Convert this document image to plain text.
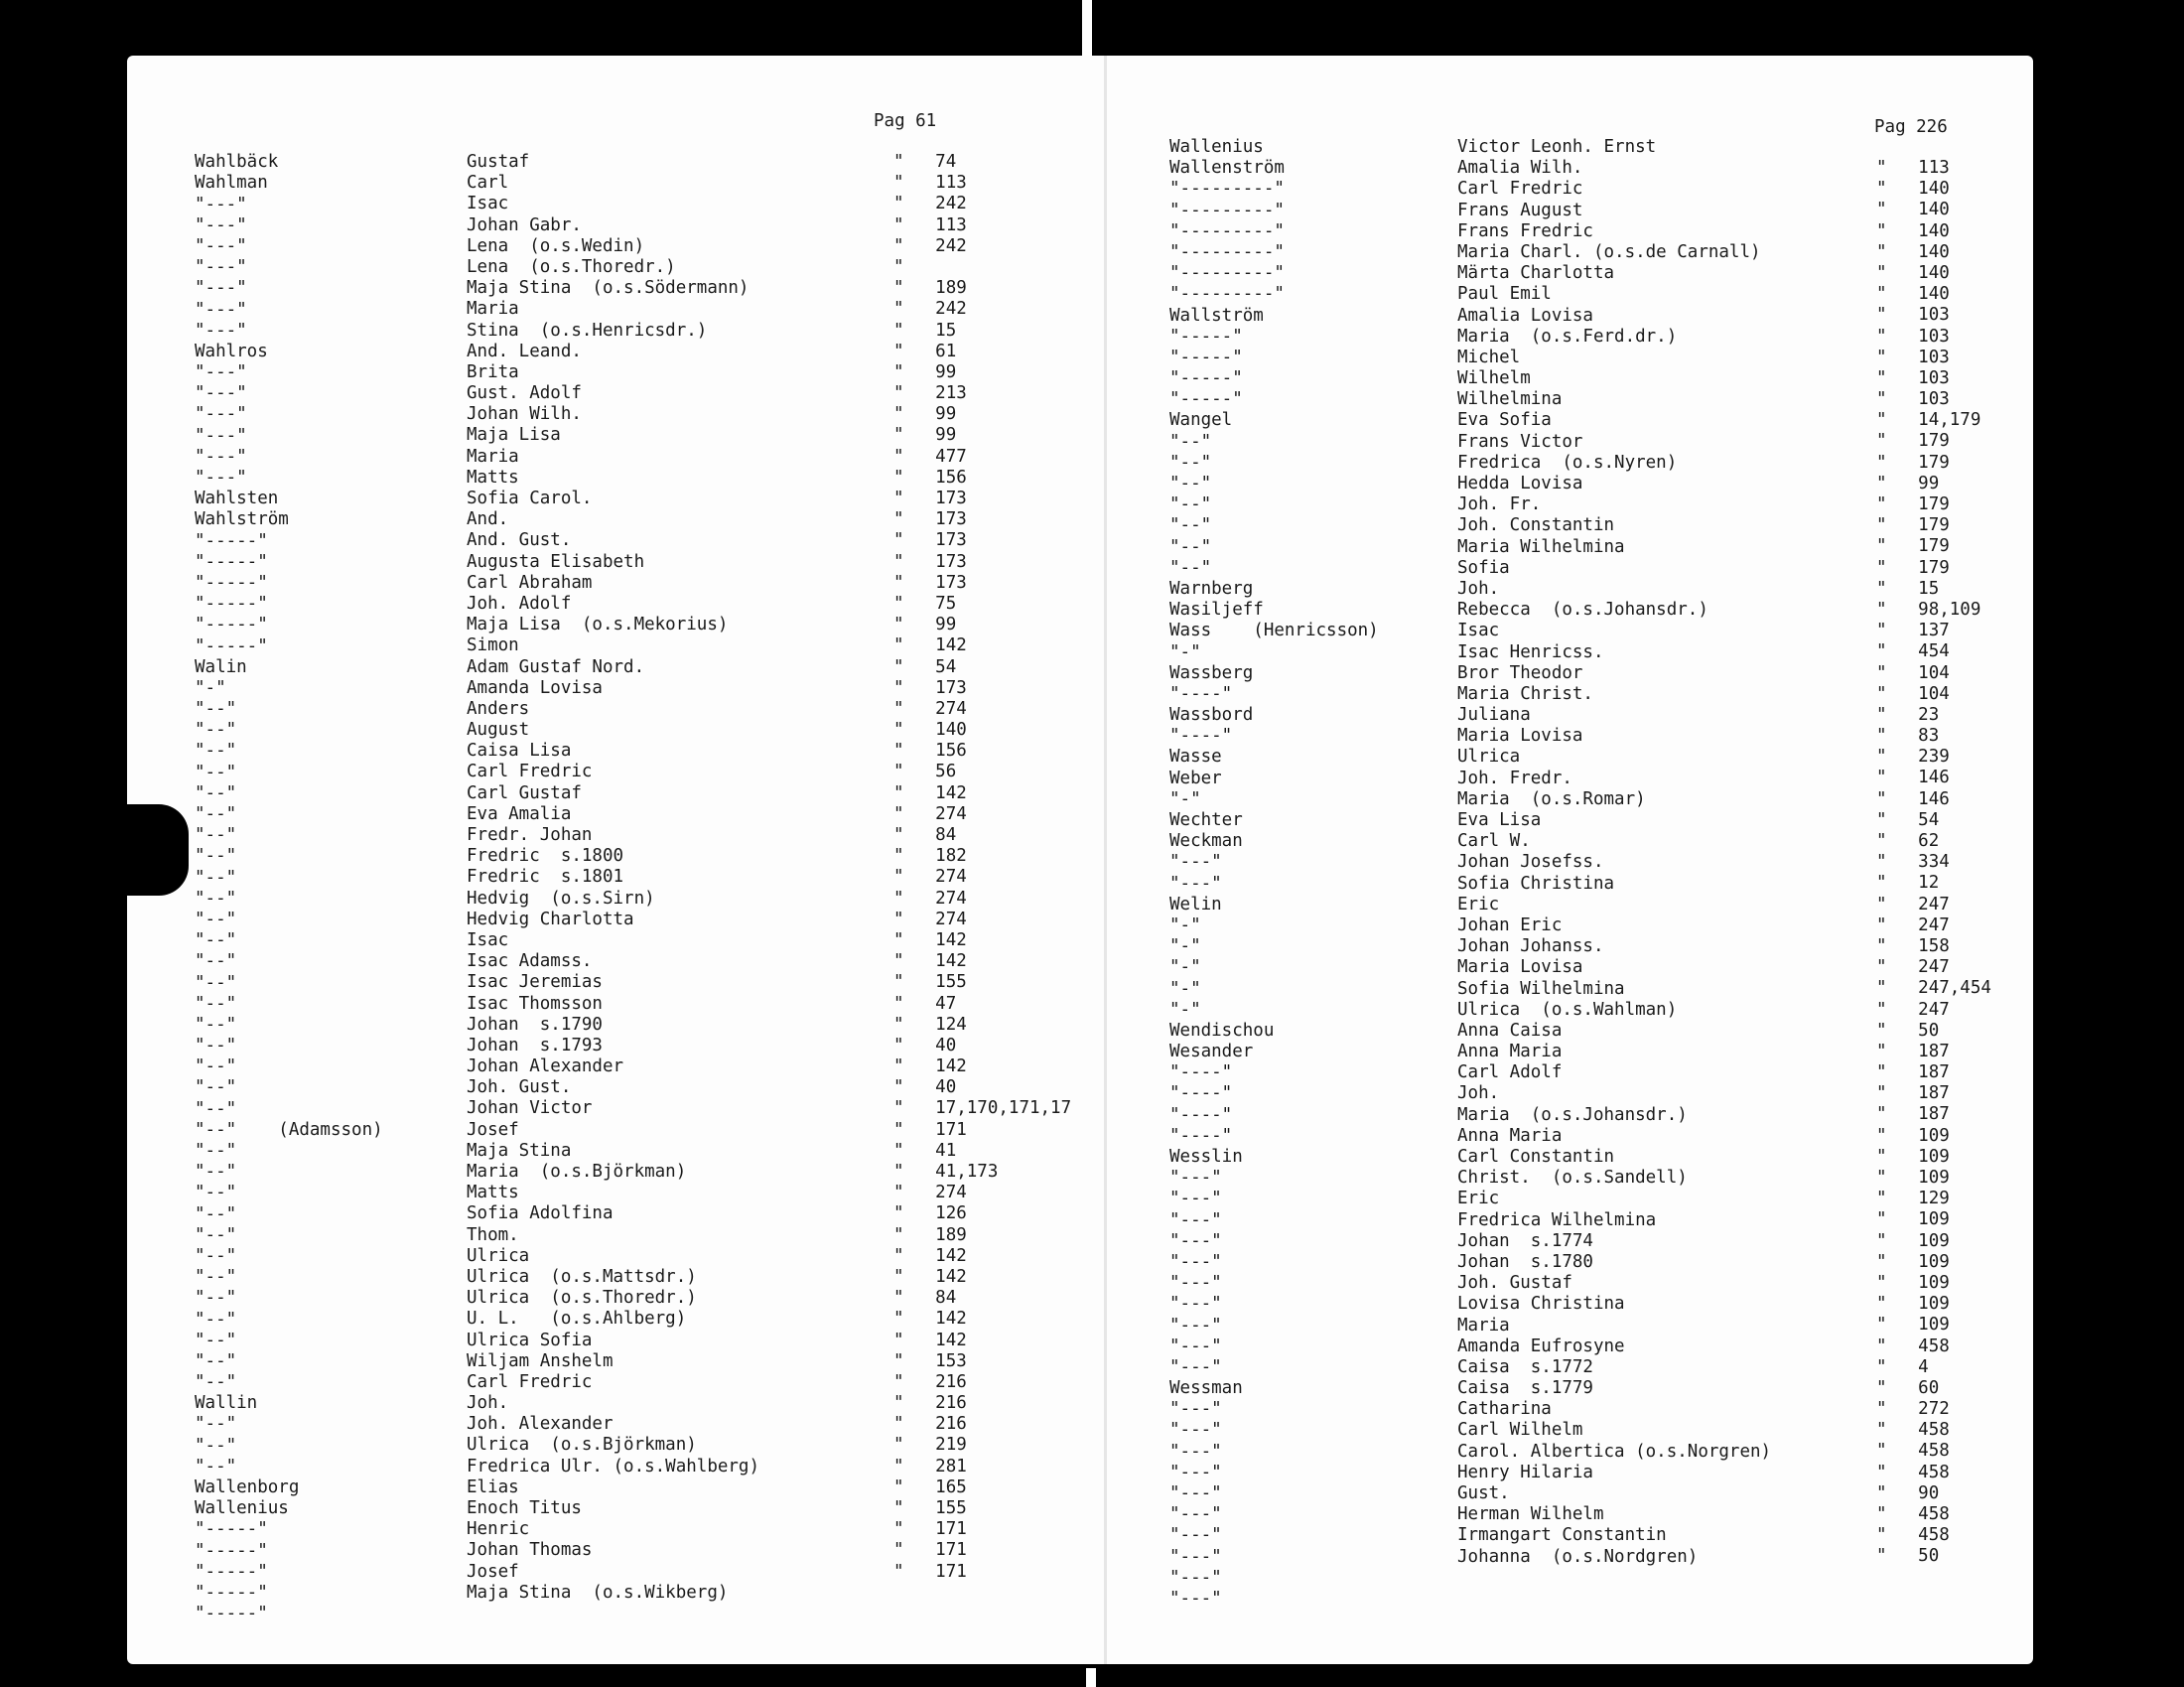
Pag 61	Pag 226
Wahlbäck
Wahlman
"---"
"---"
"---"
"---"
"---"
"---"
"---"
Wahlros
"---"
"---"
"---"
"---"
"---"
"---"
Wahlsten
Wahlström
"-----"
"-----"
"-----"
"-----"
"-----"
"-----"
Walin
"-"
"--"
"--"
"--"
"--"
"--"
"--"
"--"
"--"
"--"
"--"
"--"
"--"
"--"
"--"
"--"
"--"
"--"
"--"
"--"
"--"
"--"    (Adamsson)
"--"
"--"
"--"
"--"
"--"
"--"
"--"
"--"
"--"
"--"
"--"
"--"
Wallin
"--"
"--"
"--"
Wallenborg
Wallenius
"-----"
"-----"
"-----"
"-----"
"-----"
Gustaf
Carl
Isac
Johan Gabr.
Lena  (o.s.Wedin)
Lena  (o.s.Thoredr.)
Maja Stina  (o.s.Södermann)
Maria
Stina  (o.s.Henricsdr.)
And. Leand.
Brita
Gust. Adolf
Johan Wilh.
Maja Lisa
Maria
Matts
Sofia Carol.
And.
And. Gust.
Augusta Elisabeth
Carl Abraham
Joh. Adolf
Maja Lisa  (o.s.Mekorius)
Simon
Adam Gustaf Nord.
Amanda Lovisa
Anders
August
Caisa Lisa
Carl Fredric
Carl Gustaf
Eva Amalia
Fredr. Johan
Fredric  s.1800
Fredric  s.1801
Hedvig  (o.s.Sirn)
Hedvig Charlotta
Isac
Isac Adamss.
Isac Jeremias
Isac Thomsson
Johan  s.1790
Johan  s.1793
Johan Alexander
Joh. Gust.
Johan Victor
Josef
Maja Stina
Maria  (o.s.Björkman)
Matts
Sofia Adolfina
Thom.
Ulrica
Ulrica  (o.s.Mattsdr.)
Ulrica  (o.s.Thoredr.)
U. L.   (o.s.Ahlberg)
Ulrica Sofia
Wiljam Anshelm
Carl Fredric
Joh.
Joh. Alexander
Ulrica  (o.s.Björkman)
Fredrica Ulr. (o.s.Wahlberg)
Elias
Enoch Titus
Henric
Johan Thomas
Josef
Maja Stina  (o.s.Wikberg)
" 74
" 113
" 242
" 113
" 242
"
" 189
" 242
" 15
" 61
" 99
" 213
" 99
" 99
" 477
" 156
" 173
" 173
" 173
" 173
" 173
" 75
" 99
" 142
" 54
" 173
" 274
" 140
" 156
" 56
" 142
" 274
" 84
" 182
" 274
" 274
" 274
" 142
" 142
" 155
" 47
" 124
" 40
" 142
" 40
" 17,170,171,17
" 171
" 41
" 41,173
" 274
" 126
" 189
" 142
" 142
" 84
" 142
" 142
" 153
" 216
" 216
" 216
" 219
" 281
" 165
" 155
" 171
" 171
" 171
Wallenius
Wallenström
"---------"
"---------"
"---------"
"---------"
"---------"
"---------"
Wallström
"-----"
"-----"
"-----"
"-----"
Wangel
"--"
"--"
"--"
"--"
"--"
"--"
"--"
Warnberg
Wasiljeff
Wass    (Henricsson)
"-"
Wassberg
"----"
Wassbord
"----"
Wasse
Weber
"-"
Wechter
Weckman
"---"
"---"
Welin
"-"
"-"
"-"
"-"
"-"
Wendischou
Wesander
"----"
"----"
"----"
"----"
Wesslin
"---"
"---"
"---"
"---"
"---"
"---"
"---"
"---"
"---"
"---"
Wessman
"---"
"---"
"---"
"---"
"---"
"---"
"---"
"---"
"---"
"---"
Victor Leonh. Ernst
Amalia Wilh.
Carl Fredric
Frans August
Frans Fredric
Maria Charl. (o.s.de Carnall)
Märta Charlotta
Paul Emil
Amalia Lovisa
Maria  (o.s.Ferd.dr.)
Michel
Wilhelm
Wilhelmina
Eva Sofia
Frans Victor
Fredrica  (o.s.Nyren)
Hedda Lovisa
Joh. Fr.
Joh. Constantin
Maria Wilhelmina
Sofia
Joh.
Rebecca  (o.s.Johansdr.)
Isac
Isac Henricss.
Bror Theodor
Maria Christ.
Juliana
Maria Lovisa
Ulrica
Joh. Fredr.
Maria  (o.s.Romar)
Eva Lisa
Carl W.
Johan Josefss.
Sofia Christina
Eric
Johan Eric
Johan Johanss.
Maria Lovisa
Sofia Wilhelmina
Ulrica  (o.s.Wahlman)
Anna Caisa
Anna Maria
Carl Adolf
Joh.
Maria  (o.s.Johansdr.)
Anna Maria
Carl Constantin
Christ.  (o.s.Sandell)
Eric
Fredrica Wilhelmina
Johan  s.1774
Johan  s.1780
Joh. Gustaf
Lovisa Christina
Maria
Amanda Eufrosyne
Caisa  s.1772
Caisa  s.1779
Catharina
Carl Wilhelm
Carol. Albertica (o.s.Norgren)
Henry Hilaria
Gust.
Herman Wilhelm
Irmangart Constantin
Johanna  (o.s.Nordgren)
" 113
" 140
" 140
" 140
" 140
" 140
" 140
" 103
" 103
" 103
" 103
" 103
" 14,179
" 179
" 179
" 99
" 179
" 179
" 179
" 179
" 15
" 98,109
" 137
" 454
" 104
" 104
" 23
" 83
" 239
" 146
" 146
" 54
" 62
" 334
" 12
" 247
" 247
" 158
" 247
" 247,454
" 247
" 50
" 187
" 187
" 187
" 187
" 109
" 109
" 109
" 129
" 109
" 109
" 109
" 109
" 109
" 109
" 458
" 4
" 60
" 272
" 458
" 458
" 458
" 90
" 458
" 458
" 50
